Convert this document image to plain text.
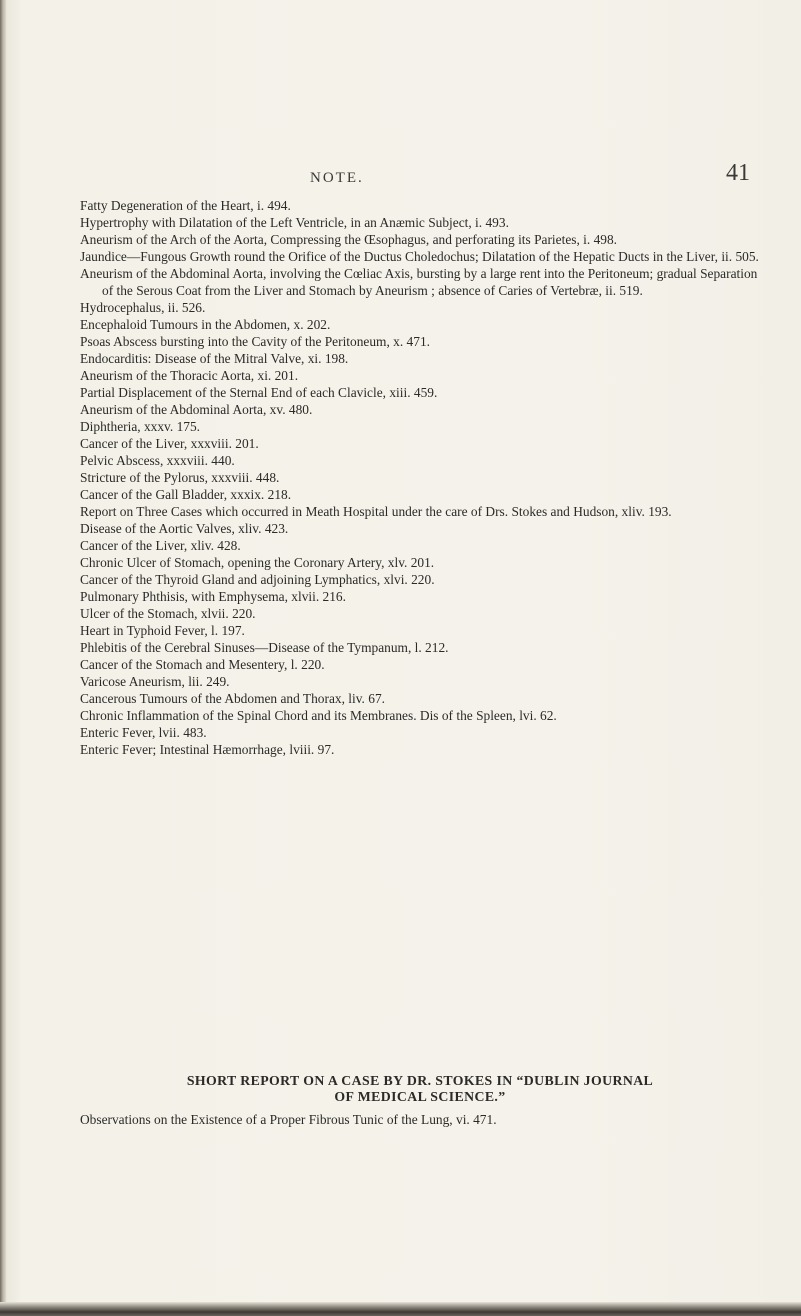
NOTE.	41
Fatty Degeneration of the Heart, i. 494.
Hypertrophy with Dilatation of the Left Ventricle, in an Anæmic Subject, i. 493.
Aneurism of the Arch of the Aorta, Compressing the Œsophagus, and perforating its Parietes, i. 498.
Jaundice—Fungous Growth round the Orifice of the Ductus Choledochus; Dilatation of the Hepatic Ducts in the Liver, ii. 505.
Aneurism of the Abdominal Aorta, involving the Cœliac Axis, bursting by a large rent into the Peritoneum; gradual Separation of the Serous Coat from the Liver and Stomach by Aneurism ; absence of Caries of Vertebræ, ii. 519.
Hydrocephalus, ii. 526.
Encephaloid Tumours in the Abdomen, x. 202.
Psoas Abscess bursting into the Cavity of the Peritoneum, x. 471.
Endocarditis: Disease of the Mitral Valve, xi. 198.
Aneurism of the Thoracic Aorta, xi. 201.
Partial Displacement of the Sternal End of each Clavicle, xiii. 459.
Aneurism of the Abdominal Aorta, xv. 480.
Diphtheria, xxxv. 175.
Cancer of the Liver, xxxviii. 201.
Pelvic Abscess, xxxviii. 440.
Stricture of the Pylorus, xxxviii. 448.
Cancer of the Gall Bladder, xxxix. 218.
Report on Three Cases which occurred in Meath Hospital under the care of Drs. Stokes and Hudson, xliv. 193.
Disease of the Aortic Valves, xliv. 423.
Cancer of the Liver, xliv. 428.
Chronic Ulcer of Stomach, opening the Coronary Artery, xlv. 201.
Cancer of the Thyroid Gland and adjoining Lymphatics, xlvi. 220.
Pulmonary Phthisis, with Emphysema, xlvii. 216.
Ulcer of the Stomach, xlvii. 220.
Heart in Typhoid Fever, l. 197.
Phlebitis of the Cerebral Sinuses—Disease of the Tympanum, l. 212.
Cancer of the Stomach and Mesentery, l. 220.
Varicose Aneurism, lii. 249.
Cancerous Tumours of the Abdomen and Thorax, liv. 67.
Chronic Inflammation of the Spinal Chord and its Membranes. Dis of the Spleen, lvi. 62.
Enteric Fever, lvii. 483.
Enteric Fever; Intestinal Hæmorrhage, lviii. 97.
SHORT REPORT ON A CASE BY DR. STOKES IN “DUBLIN JOURNAL
OF MEDICAL SCIENCE.”

Observations on the Existence of a Proper Fibrous Tunic of the Lung, vi. 471.
